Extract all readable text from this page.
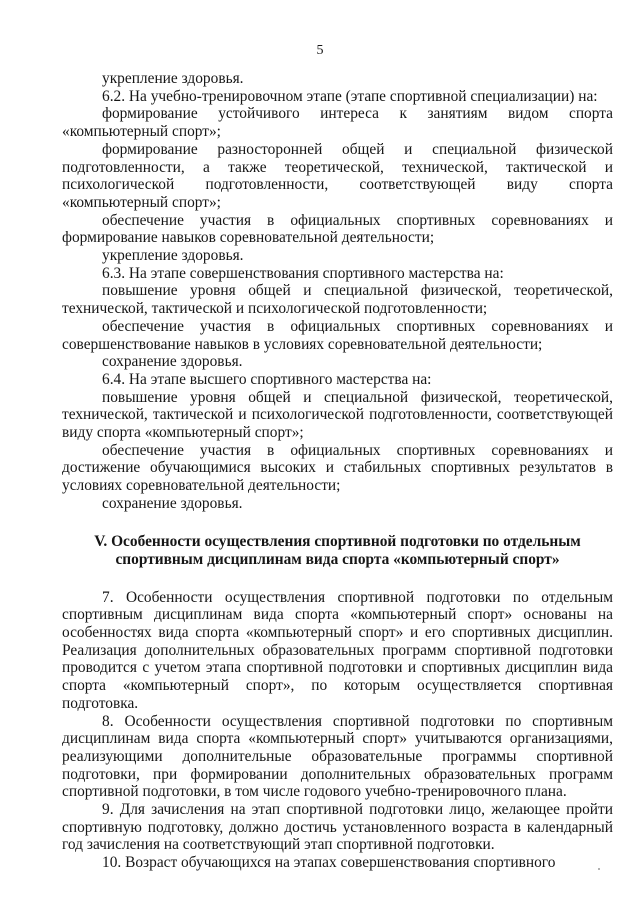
5

укрепление здоровья.

6.2. На учебно-тренировочном этапе (этапе спортивной специализации) на:

формирование устойчивого интереса к занятиям видом спорта «компьютерный спорт»;

формирование разносторонней общей и специальной физической подготовленности, а также теоретической, технической, тактической и психологической подготовленности, соответствующей виду спорта «компьютерный спорт»;

обеспечение участия в официальных спортивных соревнованиях и формирование навыков соревновательной деятельности;

укрепление здоровья.

6.3. На этапе совершенствования спортивного мастерства на:

повышение уровня общей и специальной физической, теоретической, технической, тактической и психологической подготовленности;

обеспечение участия в официальных спортивных соревнованиях и совершенствование навыков в условиях соревновательной деятельности;

сохранение здоровья.

6.4. На этапе высшего спортивного мастерства на:

повышение уровня общей и специальной физической, теоретической, технической, тактической и психологической подготовленности, соответствующей виду спорта «компьютерный спорт»;

обеспечение участия в официальных спортивных соревнованиях и достижение обучающимися высоких и стабильных спортивных результатов в условиях соревновательной деятельности;

сохранение здоровья.

V. Особенности осуществления спортивной подготовки по отдельным
спортивным дисциплинам вида спорта «компьютерный спорт»

7. Особенности осуществления спортивной подготовки по отдельным спортивным дисциплинам вида спорта «компьютерный спорт» основаны на особенностях вида спорта «компьютерный спорт» и его спортивных дисциплин. Реализация дополнительных образовательных программ спортивной подготовки проводится с учетом этапа спортивной подготовки и спортивных дисциплин вида спорта «компьютерный спорт», по которым осуществляется спортивная подготовка.

8. Особенности осуществления спортивной подготовки по спортивным дисциплинам вида спорта «компьютерный спорт» учитываются организациями, реализующими дополнительные образовательные программы спортивной подготовки, при формировании дополнительных образовательных программ спортивной подготовки, в том числе годового учебно-тренировочного плана.

9. Для зачисления на этап спортивной подготовки лицо, желающее пройти спортивную подготовку, должно достичь установленного возраста в календарный год зачисления на соответствующий этап спортивной подготовки.

10. Возраст обучающихся на этапах совершенствования спортивного
